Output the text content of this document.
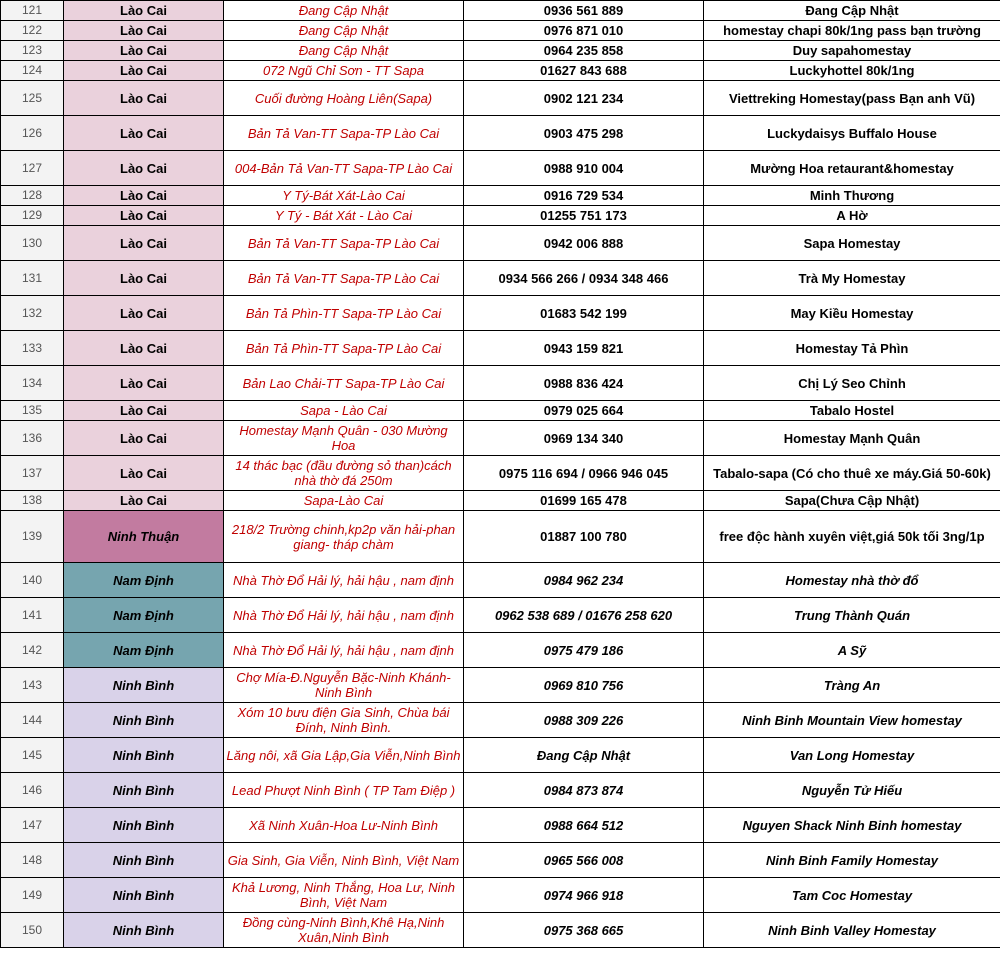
121	Lào Cai	Đang Cập Nhật	0936 561 889	Đang Cập Nhật
122	Lào Cai	Đang Cập Nhật	0976 871 010	homestay chapi 80k/1ng pass bạn trường
123	Lào Cai	Đang Cập Nhật	0964 235 858	Duy sapahomestay
124	Lào Cai	072 Ngũ Chỉ Sơn - TT Sapa	01627 843 688	Luckyhottel 80k/1ng
125	Lào Cai	Cuối đường Hoàng Liên(Sapa)	0902 121 234	Viettreking Homestay(pass Bạn anh Vũ)
126	Lào Cai	Bản Tả Van-TT Sapa-TP Lào Cai	0903 475 298	Luckydaisys Buffalo House
127	Lào Cai	004-Bản Tả Van-TT Sapa-TP Lào Cai	0988 910 004	Mường Hoa retaurant&homestay
128	Lào Cai	Y Tý-Bát Xát-Lào Cai	0916 729 534	Minh Thương
129	Lào Cai	Y Tý - Bát Xát - Lào Cai	01255 751 173	A Hờ
130	Lào Cai	Bản Tả Van-TT Sapa-TP Lào Cai	0942 006 888	Sapa Homestay
131	Lào Cai	Bản Tả Van-TT Sapa-TP Lào Cai	0934 566 266 / 0934 348 466	Trà My Homestay
132	Lào Cai	Bản Tả Phìn-TT Sapa-TP Lào Cai	01683 542 199	May Kiều Homestay
133	Lào Cai	Bản Tả Phìn-TT Sapa-TP Lào Cai	0943 159 821	Homestay Tả Phìn
134	Lào Cai	Bản Lao Chải-TT Sapa-TP Lào Cai	0988 836 424	Chị Lý Seo Chỉnh
135	Lào Cai	Sapa - Lào Cai	0979 025 664	Tabalo Hostel
136	Lào Cai	Homestay Mạnh Quân - 030 Mường Hoa	0969 134 340	Homestay Mạnh Quân
137	Lào Cai	14 thác bạc (đầu đường sỏ than)cách nhà thờ đá 250m	0975 116 694 / 0966 946 045	Tabalo-sapa (Có cho thuê xe máy.Giá 50-60k)
138	Lào Cai	Sapa-Lào Cai	01699 165 478	Sapa(Chưa Cập Nhật)
139	Ninh Thuận	218/2 Trường chinh,kp2p văn hải-phan giang- tháp chàm	01887 100 780	free độc hành xuyên việt,giá 50k tối 3ng/1p
140	Nam Định	Nhà Thờ Đổ Hải lý, hải hậu , nam định	0984 962 234	Homestay nhà thờ đổ
141	Nam Định	Nhà Thờ Đổ Hải lý, hải hậu , nam định	0962 538 689 / 01676 258 620	Trung Thành Quán
142	Nam Định	Nhà Thờ Đổ Hải lý, hải hậu , nam định	0975 479 186	A Sỹ
143	Ninh Bình	Chợ Mía-Đ.Nguyễn Bặc-Ninh Khánh-Ninh Bình	0969 810 756	Tràng An
144	Ninh Bình	Xóm 10 bưu điện Gia Sinh, Chùa bái Đính, Ninh Bình.	0988 309 226	Ninh Binh Mountain View homestay
145	Ninh Bình	Lăng nôi, xã Gia Lập,Gia Viễn,Ninh Bình	Đang Cập Nhật	Van Long Homestay
146	Ninh Bình	Lead Phượt Ninh Bình ( TP Tam Điệp )	0984 873 874	Nguyễn Tử Hiếu
147	Ninh Bình	Xã Ninh Xuân-Hoa Lư-Ninh Bình	0988 664 512	Nguyen Shack Ninh Binh homestay
148	Ninh Bình	Gia Sinh, Gia Viễn, Ninh Bình, Việt Nam	0965 566 008	Ninh Binh Family Homestay
149	Ninh Bình	Khả Lương, Ninh Thắng, Hoa Lư, Ninh Bình, Việt Nam	0974 966 918	Tam Coc Homestay
150	Ninh Bình	Đồng cùng-Ninh Bình,Khê Hạ,Ninh Xuân,Ninh Bình	0975 368 665	Ninh Binh Valley Homestay
